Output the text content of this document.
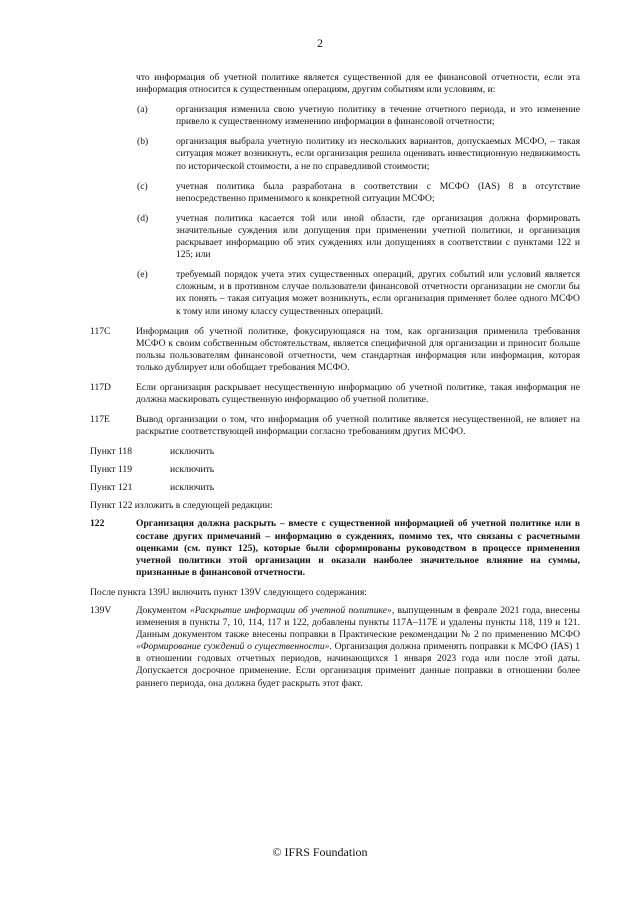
2
что информация об учетной политике является существенной для ее финансовой отчетности, если эта информация относится к существенным операциям, другим событиям или условиям, и:
(a)	организация изменила свою учетную политику в течение отчетного периода, и это изменение привело к существенному изменению информации в финансовой отчетности;
(b)	организация выбрала учетную политику из нескольких вариантов, допускаемых МСФО, – такая ситуация может возникнуть, если организация решила оценивать инвестиционную недвижимость по исторической стоимости, а не по справедливой стоимости;
(c)	учетная политика была разработана в соответствии с МСФО (IAS) 8 в отсутствие непосредственно применимого к конкретной ситуации МСФО;
(d)	учетная политика касается той или иной области, где организация должна формировать значительные суждения или допущения при применении учетной политики, и организация раскрывает информацию об этих суждениях или допущениях в соответствии с пунктами 122 и 125; или
(e)	требуемый порядок учета этих существенных операций, других событий или условий является сложным, и в противном случае пользователи финансовой отчетности организации не смогли бы их понять – такая ситуация может возникнуть, если организация применяет более одного МСФО к тому или иному классу существенных операций.
117C	Информация об учетной политике, фокусирующаяся на том, как организация применила требования МСФО к своим собственным обстоятельствам, является специфичной для организации и приносит больше пользы пользователям финансовой отчетности, чем стандартная информация или информация, которая только дублирует или обобщает требования МСФО.
117D	Если организация раскрывает несущественную информацию об учетной политике, такая информация не должна маскировать существенную информацию об учетной политике.
117E	Вывод организации о том, что информация об учетной политике является несущественной, не влияет на раскрытие соответствующей информации согласно требованиям других МСФО.
Пункт 118	исключить
Пункт 119	исключить
Пункт 121	исключить
Пункт 122 изложить в следующей редакции:
122	Организация должна раскрыть – вместе с существенной информацией об учетной политике или в составе других примечаний – информацию о суждениях, помимо тех, что связаны с расчетными оценками (см. пункт 125), которые были сформированы руководством в процессе применения учетной политики этой организации и оказали наиболее значительное влияние на суммы, признанные в финансовой отчетности.
После пункта 139U включить пункт 139V следующего содержания:
139V	Документом «Раскрытие информации об учетной политике», выпущенным в феврале 2021 года, внесены изменения в пункты 7, 10, 114, 117 и 122, добавлены пункты 117A–117E и удалены пункты 118, 119 и 121. Данным документом также внесены поправки в Практические рекомендации № 2 по применению МСФО «Формирование суждений о существенности». Организация должна применять поправки к МСФО (IAS) 1 в отношении годовых отчетных периодов, начинающихся 1 января 2023 года или после этой даты. Допускается досрочное применение. Если организация применит данные поправки в отношении более раннего периода, она должна будет раскрыть этот факт.
© IFRS Foundation
